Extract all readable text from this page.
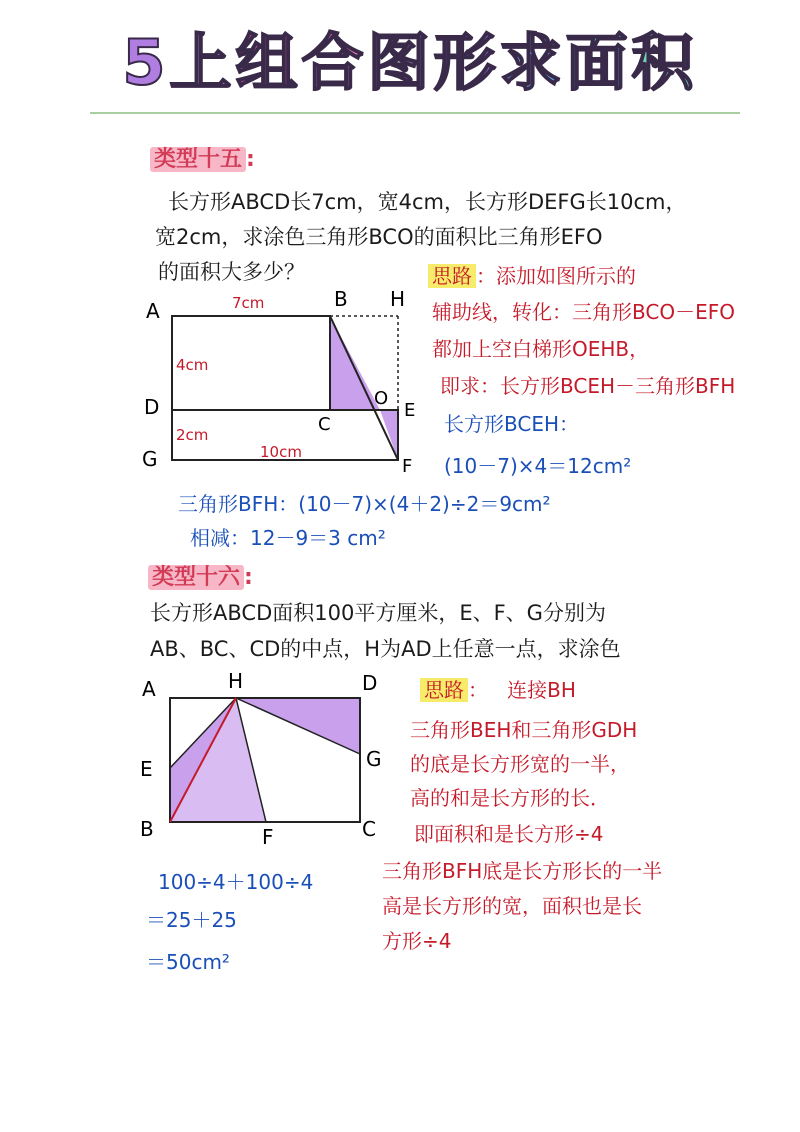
5上组合图形求面积
类型十五 :
长方形ABCD长7cm，宽4cm，长方形DEFG长10cm，
宽2cm，求涂色三角形BCO的面积比三角形EFO
的面积大多少？	思路 ：添加如图所示的
辅助线，转化：三角形BCO－EFO
都加上空白梯形OEHB，
即求：长方形BCEH－三角形BFH
A	B H
D
C
O
E
G	F
7cm
4cm
2cm
10cm
长方形BCEH：
(10－7)×4＝12cm²
三角形BFH：(10－7)×(4＋2)÷2＝9cm²
相减：12－9＝3 cm²
类型十六 :
长方形ABCD面积100平方厘米，E、F、G分别为
AB、BC、CD的中点，H为AD上任意一点，求涂色
A	H	D
E	G
B	F	C
思路 ： 连接BH
三角形BEH和三角形GDH
的底是长方形宽的一半，
高的和是长方形的长．
即面积和是长方形÷4
三角形BFH底是长方形长的一半
高是长方形的宽，面积也是长
方形÷4
100÷4＋100÷4
＝25＋25
＝50cm²
